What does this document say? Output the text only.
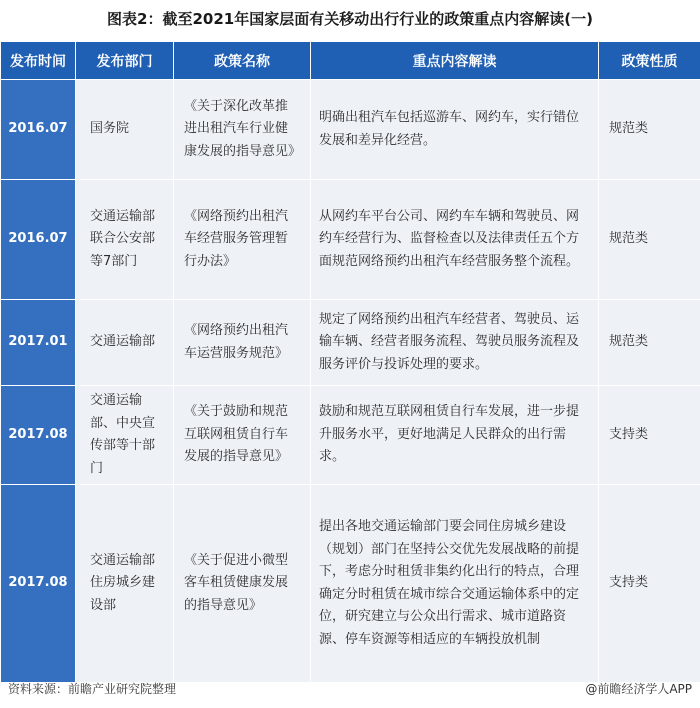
图表2：截至2021年国家层面有关移动出行行业的政策重点内容解读(一)
发布时间	发布部门	政策名称	重点内容解读	政策性质
2016.07	国务院	《关于深化改革推进出租汽车行业健康发展的指导意见》	明确出租汽车包括巡游车、网约车，实行错位发展和差异化经营。	规范类
2016.07	交通运输部联合公安部等7部门	《网络预约出租汽车经营服务管理暂行办法》	从网约车平台公司、网约车车辆和驾驶员、网约车经营行为、监督检查以及法律责任五个方面规范网络预约出租汽车经营服务整个流程。	规范类
2017.01	交通运输部	《网络预约出租汽车运营服务规范》	规定了网络预约出租汽车经营者、驾驶员、运输车辆、经营者服务流程、驾驶员服务流程及服务评价与投诉处理的要求。	规范类
2017.08	交通运输部、中央宣传部等十部门	《关于鼓励和规范互联网租赁自行车发展的指导意见》	鼓励和规范互联网租赁自行车发展，进一步提升服务水平，更好地满足人民群众的出行需求。	支持类
2017.08	交通运输部住房城乡建设部	《关于促进小微型客车租赁健康发展的指导意见》	提出各地交通运输部门要会同住房城乡建设（规划）部门在坚持公交优先发展战略的前提下，考虑分时租赁非集约化出行的特点，合理确定分时租赁在城市综合交通运输体系中的定位，研究建立与公众出行需求、城市道路资源、停车资源等相适应的车辆投放机制	支持类
资料来源：前瞻产业研究院整理	@前瞻经济学人APP
